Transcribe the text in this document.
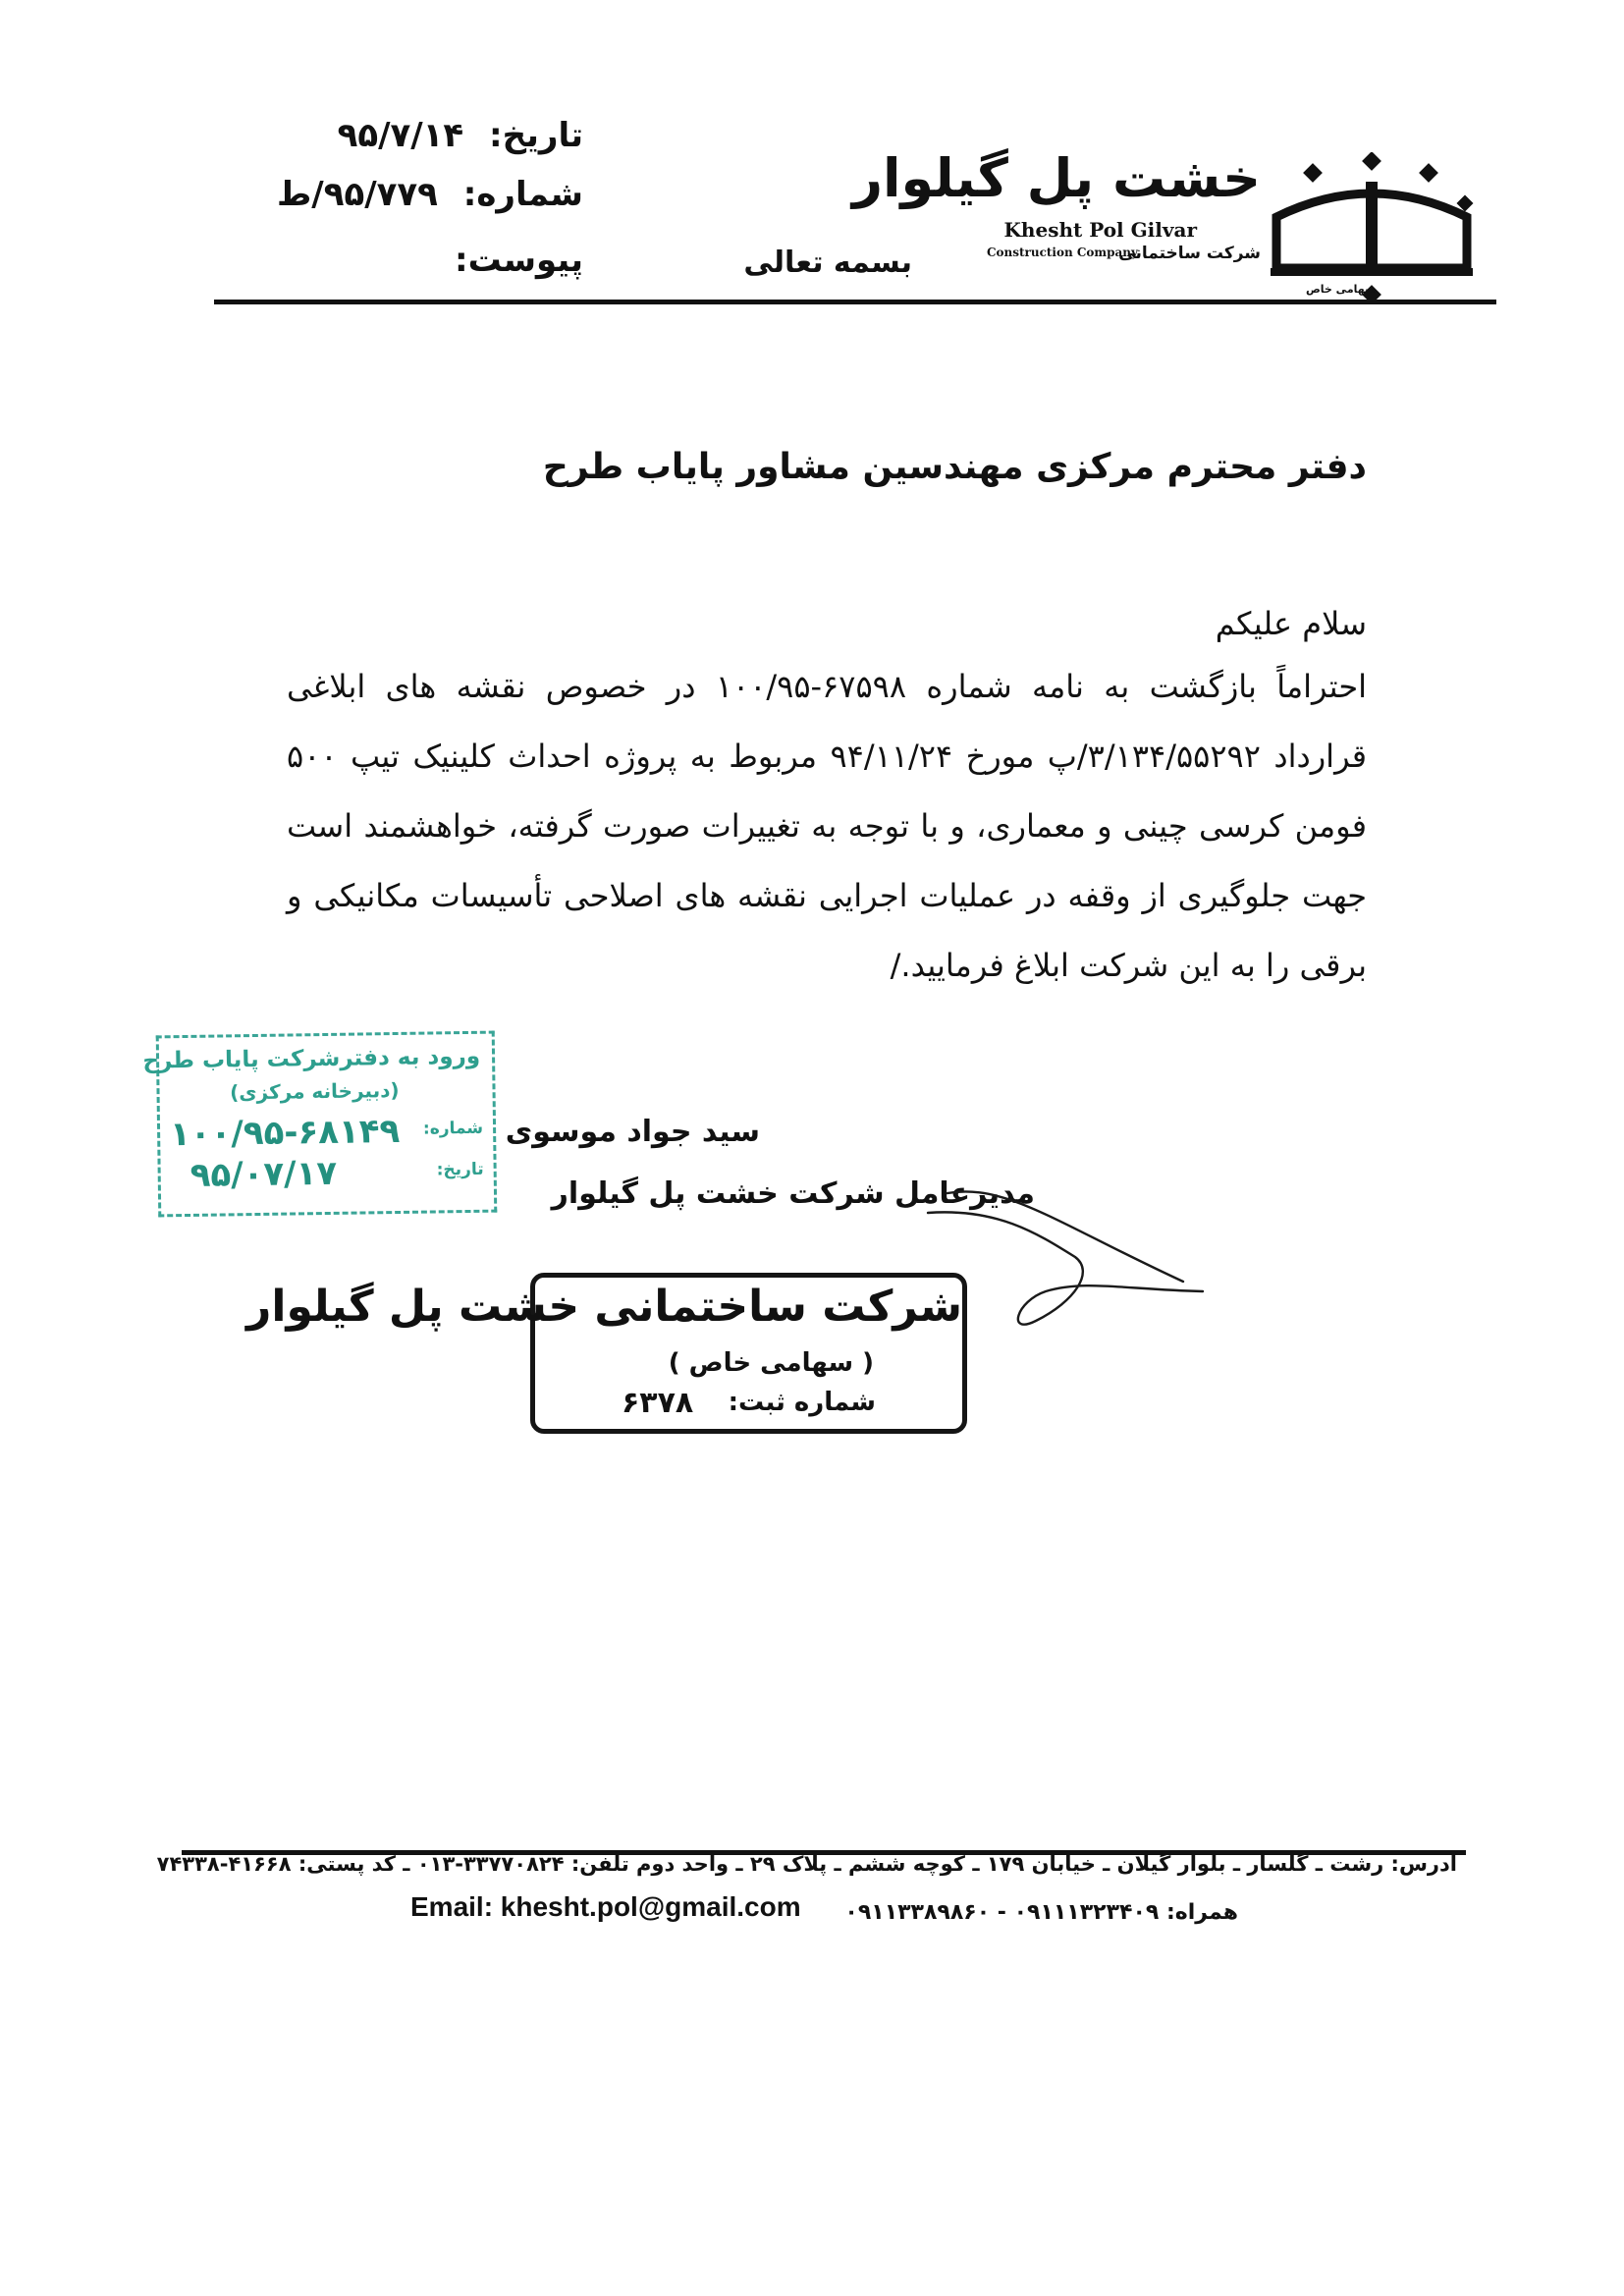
سهامی خاص
خشت پل گیلوار
Khesht Pol Gilvar
Construction Company
شرکت ساختمانی
بسمه تعالی
تاریخ: ۹۵/۷/۱۴
شماره: ۹۵/۷۷۹/ط
پیوست:
دفتر محترم مرکزی مهندسین مشاور پایاب طرح
سلام علیکم
احتراماً بازگشت به نامه شماره ۶۷۵۹۸-۱۰۰/۹۵ در خصوص نقشه های ابلاغی قرارداد ۳/۱۳۴/۵۵۲۹۲/پ مورخ ۹۴/۱۱/۲۴ مربوط به پروژه احداث کلینیک تیپ ۵۰۰ فومن کرسی چینی و معماری، و با توجه به تغییرات صورت گرفته، خواهشمند است جهت جلوگیری از وقفه در عملیات اجرایی نقشه های اصلاحی تأسیسات مکانیکی و برقی را به این شرکت ابلاغ فرمایید./
ورود به دفترشرکت پایاب طرح
(دبیرخانه مرکزی)
شماره:
۱۰۰/۹۵-۶۸۱۴۹
تاریخ:
۹۵/۰۷/۱۷
سید جواد موسوی
مدیرعامل شرکت خشت پل گیلوار
شرکت ساختمانی خشت پل گیلوار
( سهامی خاص )
شماره ثبت:
۶۳۷۸
آدرس: رشت ـ گلسار ـ بلوار گیلان ـ خیابان ۱۷۹ ـ کوچه ششم ـ پلاک ۲۹ ـ واحد دوم تلفن: ۳۳۷۷۰۸۲۴-۰۱۳ ـ کد پستی: ۴۱۶۶۸-۷۴۳۳۸
همراه: ۰۹۱۱۱۳۲۳۴۰۹ - ۰۹۱۱۳۳۸۹۸۶۰
Email: khesht.pol@gmail.com
